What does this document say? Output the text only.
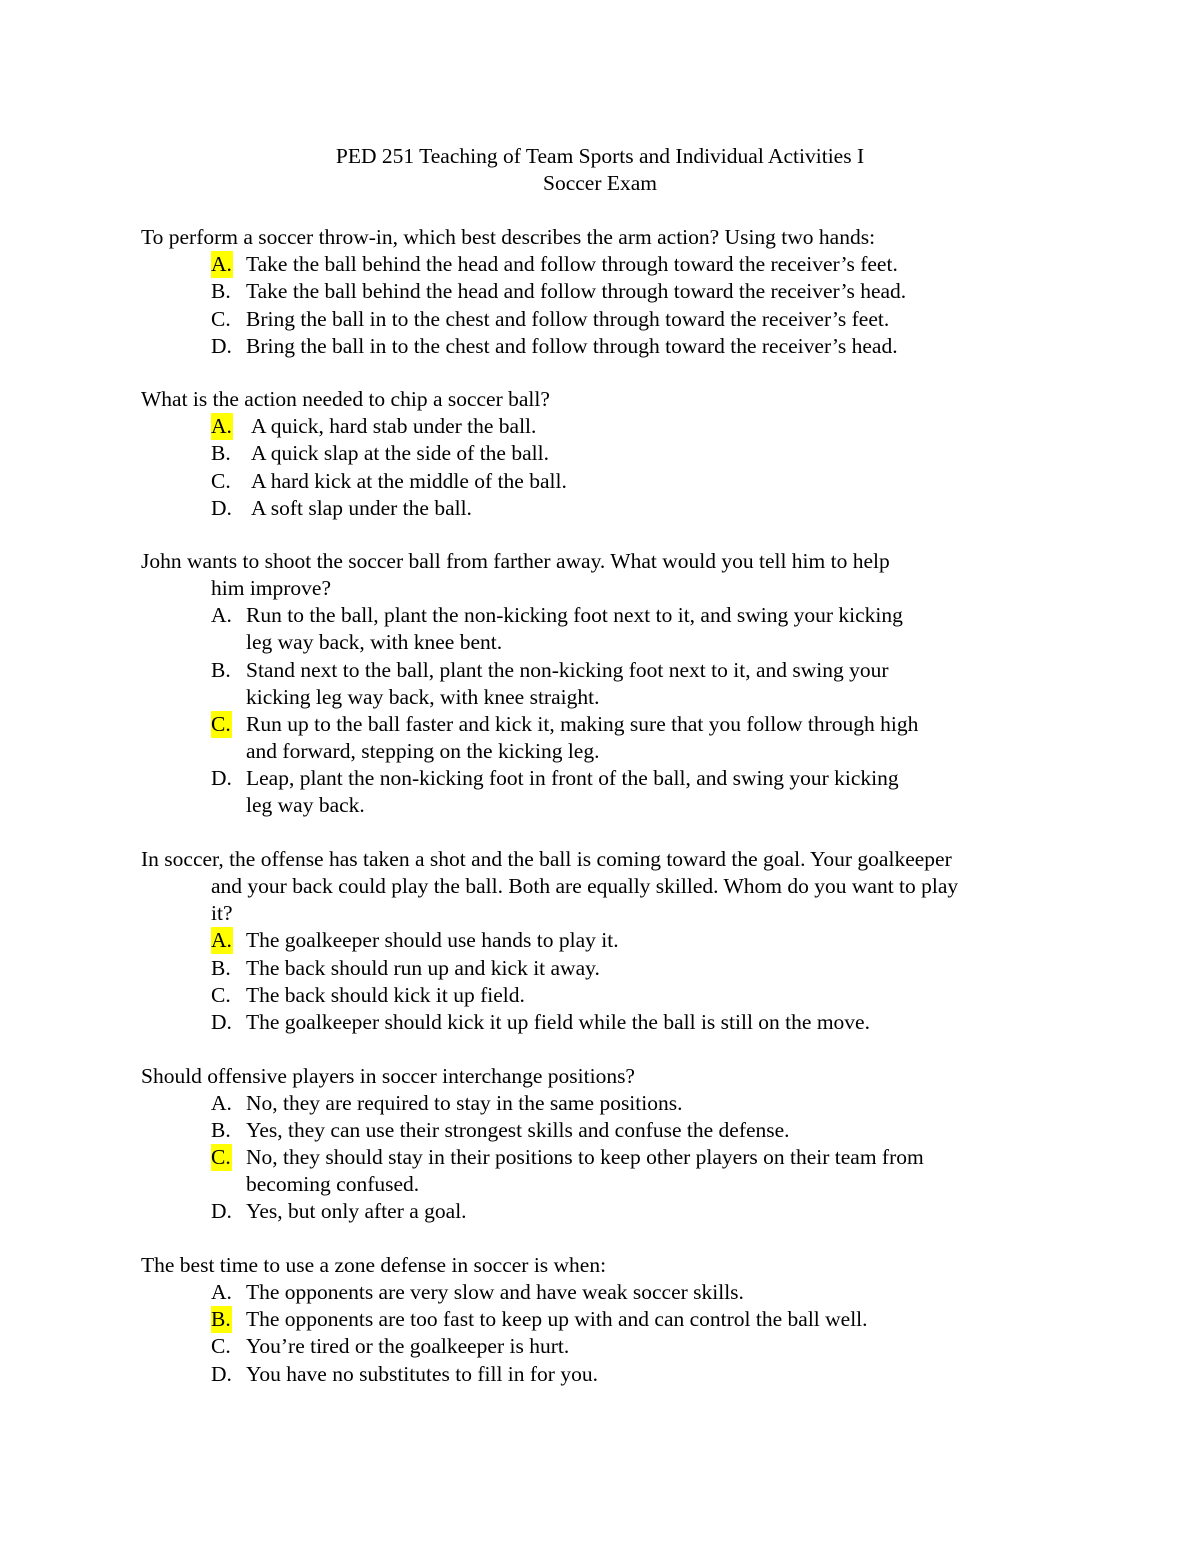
PED 251 Teaching of Team Sports and Individual Activities I
Soccer Exam
To perform a soccer throw-in, which best describes the arm action? Using two hands:
A. Take the ball behind the head and follow through toward the receiver’s feet.
B. Take the ball behind the head and follow through toward the receiver’s head.
C. Bring the ball in to the chest and follow through toward the receiver’s feet.
D. Bring the ball in to the chest and follow through toward the receiver’s head.
What is the action needed to chip a soccer ball?
A. A quick, hard stab under the ball.
B. A quick slap at the side of the ball.
C. A hard kick at the middle of the ball.
D. A soft slap under the ball.
John wants to shoot the soccer ball from farther away. What would you tell him to help
him improve?
A. Run to the ball, plant the non-kicking foot next to it, and swing your kicking
leg way back, with knee bent.
B. Stand next to the ball, plant the non-kicking foot next to it, and swing your
kicking leg way back, with knee straight.
C. Run up to the ball faster and kick it, making sure that you follow through high
and forward, stepping on the kicking leg.
D. Leap, plant the non-kicking foot in front of the ball, and swing your kicking
leg way back.
In soccer, the offense has taken a shot and the ball is coming toward the goal. Your goalkeeper
and your back could play the ball. Both are equally skilled. Whom do you want to play
it?
A. The goalkeeper should use hands to play it.
B. The back should run up and kick it away.
C. The back should kick it up field.
D. The goalkeeper should kick it up field while the ball is still on the move.
Should offensive players in soccer interchange positions?
A. No, they are required to stay in the same positions.
B. Yes, they can use their strongest skills and confuse the defense.
C. No, they should stay in their positions to keep other players on their team from
becoming confused.
D. Yes, but only after a goal.
The best time to use a zone defense in soccer is when:
A. The opponents are very slow and have weak soccer skills.
B. The opponents are too fast to keep up with and can control the ball well.
C. You’re tired or the goalkeeper is hurt.
D. You have no substitutes to fill in for you.
